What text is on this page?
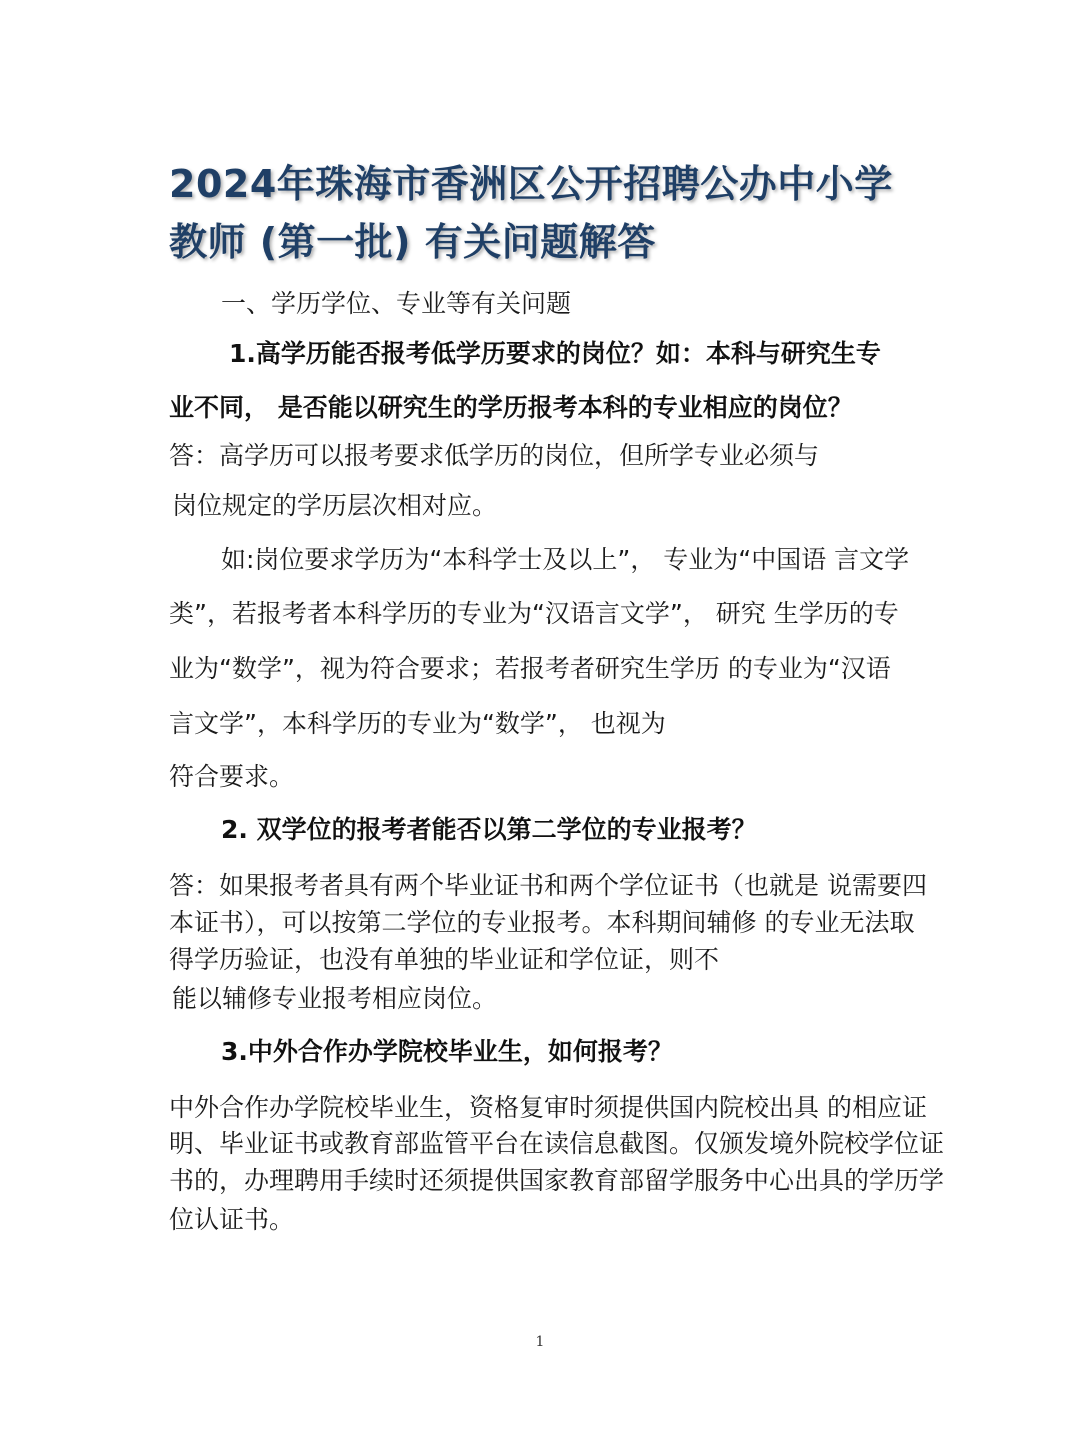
2024年珠海市香洲区公开招聘公办中小学

教师 (第一批) 有关问题解答

一、学历学位、专业等有关问题

1.高学历能否报考低学历要求的岗位？如：本科与研究生专

业不同， 是否能以研究生的学历报考本科的专业相应的岗位？

答：高学历可以报考要求低学历的岗位，但所学专业必须与

岗位规定的学历层次相对应。

如:岗位要求学历为“本科学士及以上”， 专业为“中国语 言文学

类”，若报考者本科学历的专业为“汉语言文学”， 研究 生学历的专

业为“数学”，视为符合要求；若报考者研究生学历 的专业为“汉语

言文学”，本科学历的专业为“数学”， 也视为

符合要求。

2. 双学位的报考者能否以第二学位的专业报考？

答：如果报考者具有两个毕业证书和两个学位证书（也就是 说需要四

本证书），可以按第二学位的专业报考。本科期间辅修 的专业无法取

得学历验证，也没有单独的毕业证和学位证，则不

能以辅修专业报考相应岗位。

3.中外合作办学院校毕业生，如何报考？

中外合作办学院校毕业生，资格复审时须提供国内院校出具 的相应证

明、毕业证书或教育部监管平台在读信息截图。仅颁发境外院校学位证

书的，办理聘用手续时还须提供国家教育部留学服务中心出具的学历学

位认证书。

1
